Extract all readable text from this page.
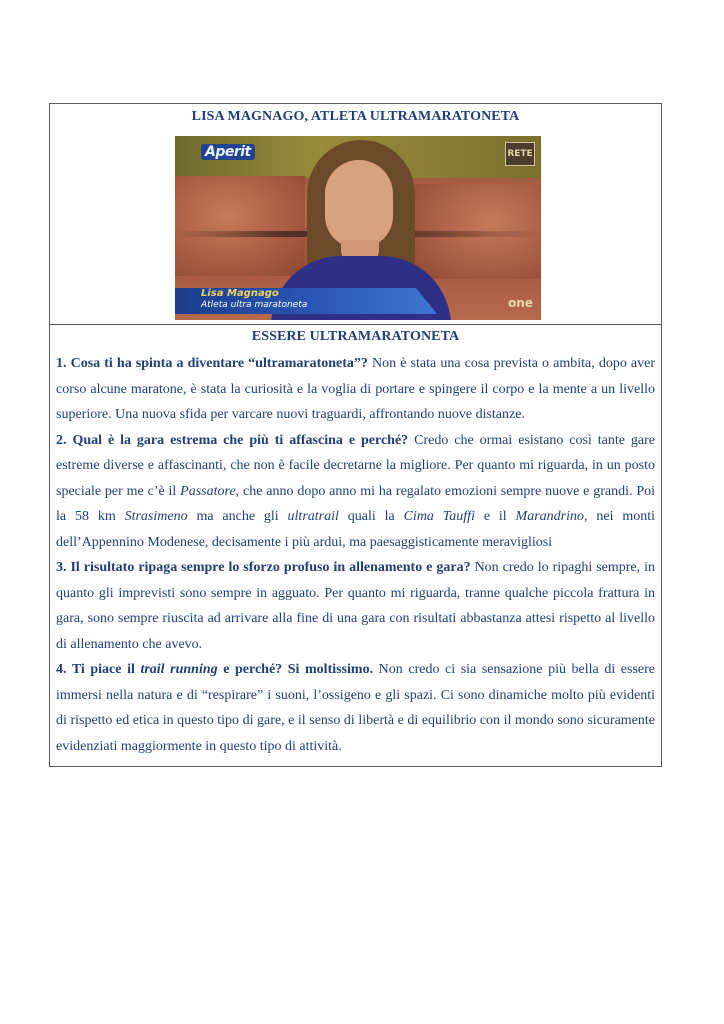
LISA MAGNAGO, ATLETA ULTRAMARATONETA
Aperit	RETE
Lisa Magnago
Atleta ultra maratoneta	one
ESSERE ULTRAMARATONETA

1. Cosa ti ha spinta a diventare “ultramaratoneta”? Non è stata una cosa prevista o ambita, dopo aver corso alcune maratone, è stata la curiosità e la voglia di portare e spingere il corpo e la mente a un livello superiore. Una nuova sfida per varcare nuovi traguardi, affrontando nuove distanze.

2. Qual è la gara estrema che più ti affascina e perché? Credo che ormai esistano così tante gare estreme diverse e affascinanti, che non è facile decretarne la migliore. Per quanto mi riguarda, in un posto speciale per me c’è il Passatore, che anno dopo anno mi ha regalato emozioni sempre nuove e grandi. Poi la 58 km Strasimeno ma anche gli ultratrail quali la Cima Tauffi e il Marandrino, nei monti dell’Appennino Modenese, decisamente i più ardui, ma paesaggisticamente meravigliosi

3. Il risultato ripaga sempre lo sforzo profuso in allenamento e gara? Non credo lo ripaghi sempre, in quanto gli imprevisti sono sempre in agguato. Per quanto mi riguarda, tranne qualche piccola frattura in gara, sono sempre riuscita ad arrivare alla fine di una gara con risultati abbastanza attesi rispetto al livello di allenamento che avevo.

4. Ti piace il trail running e perché? Si moltissimo. Non credo ci sia sensazione più bella di essere immersi nella natura e di “respirare” i suoni, l’ossigeno e gli spazi. Ci sono dinamiche molto più evidenti di rispetto ed etica in questo tipo di gare, e il senso di libertà e di equilibrio con il mondo sono sicuramente evidenziati maggiormente in questo tipo di attività.
